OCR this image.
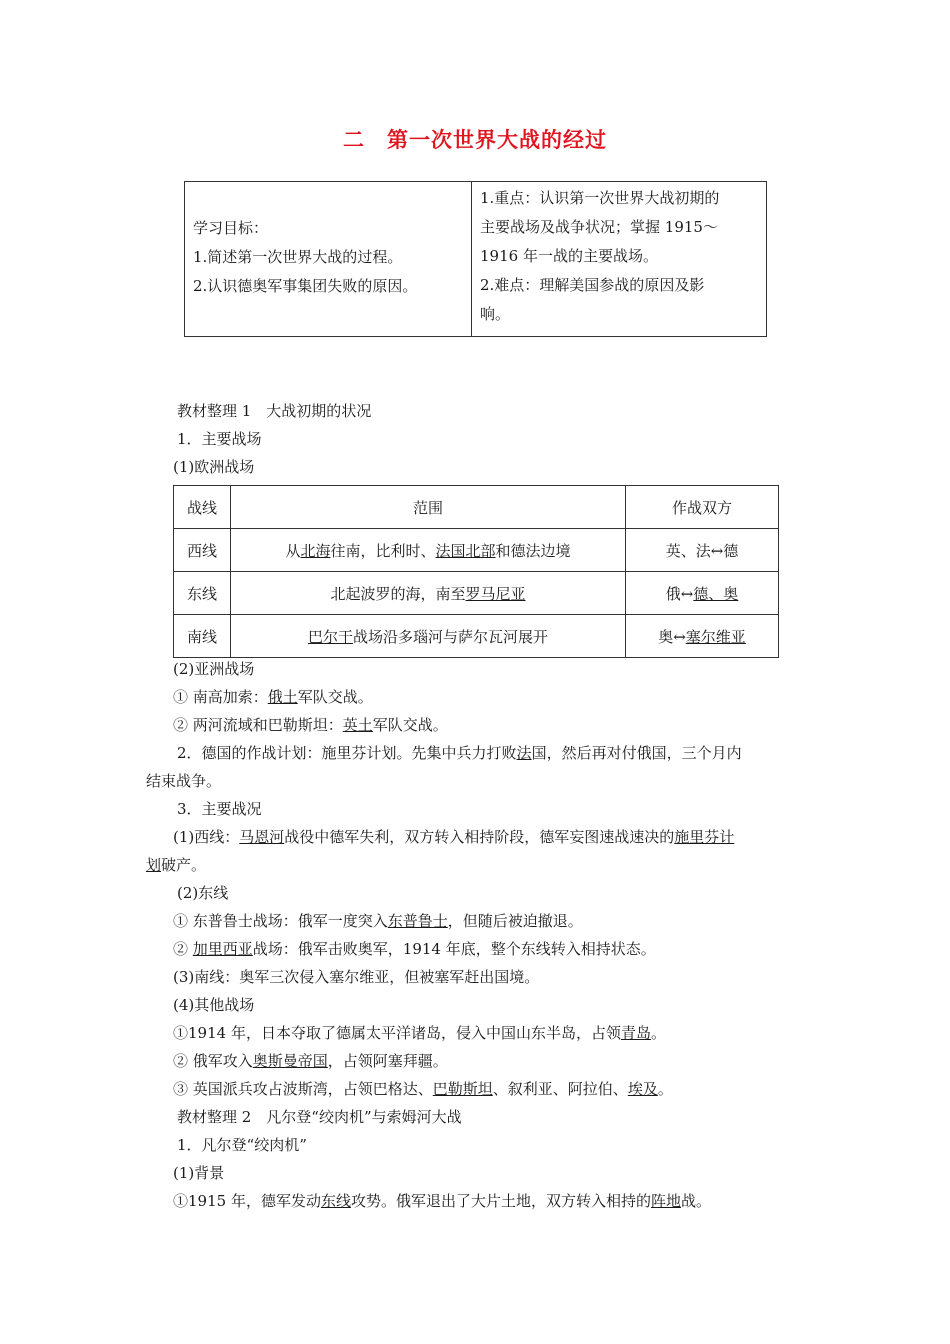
二　第一次世界大战的经过
学习目标：
1.简述第一次世界大战的过程。
2.认识德奥军事集团失败的原因。

1.重点：认识第一次世界大战初期的
主要战场及战争状况；掌握 1915～
1916 年一战的主要战场。
2.难点：理解美国参战的原因及影
响。
教材整理 1　大战初期的状况
1．主要战场
(1)欧洲战场
战线	范围	作战双方
西线	从北海往南，比利时、法国北部和德法边境	英、法↔德
东线	北起波罗的海，南至罗马尼亚	俄↔德、奥
南线	巴尔干战场沿多瑙河与萨尔瓦河展开	奥↔塞尔维亚
(2)亚洲战场
① 南高加索：俄土军队交战。
② 两河流域和巴勒斯坦：英土军队交战。
2．德国的作战计划：施里芬计划。先集中兵力打败法国，然后再对付俄国，三个月内
结束战争。
3．主要战况
(1)西线：马恩河战役中德军失利，双方转入相持阶段，德军妄图速战速决的施里芬计
划破产。
(2)东线
① 东普鲁士战场：俄军一度突入东普鲁士，但随后被迫撤退。
② 加里西亚战场：俄军击败奥军，1914 年底，整个东线转入相持状态。
(3)南线：奥军三次侵入塞尔维亚，但被塞军赶出国境。
(4)其他战场
①1914 年，日本夺取了德属太平洋诸岛，侵入中国山东半岛，占领青岛。
② 俄军攻入奥斯曼帝国，占领阿塞拜疆。
③ 英国派兵攻占波斯湾，占领巴格达、巴勒斯坦、叙利亚、阿拉伯、埃及。
教材整理 2　凡尔登“绞肉机”与索姆河大战
1．凡尔登“绞肉机”
(1)背景
①1915 年，德军发动东线攻势。俄军退出了大片土地，双方转入相持的阵地战。
